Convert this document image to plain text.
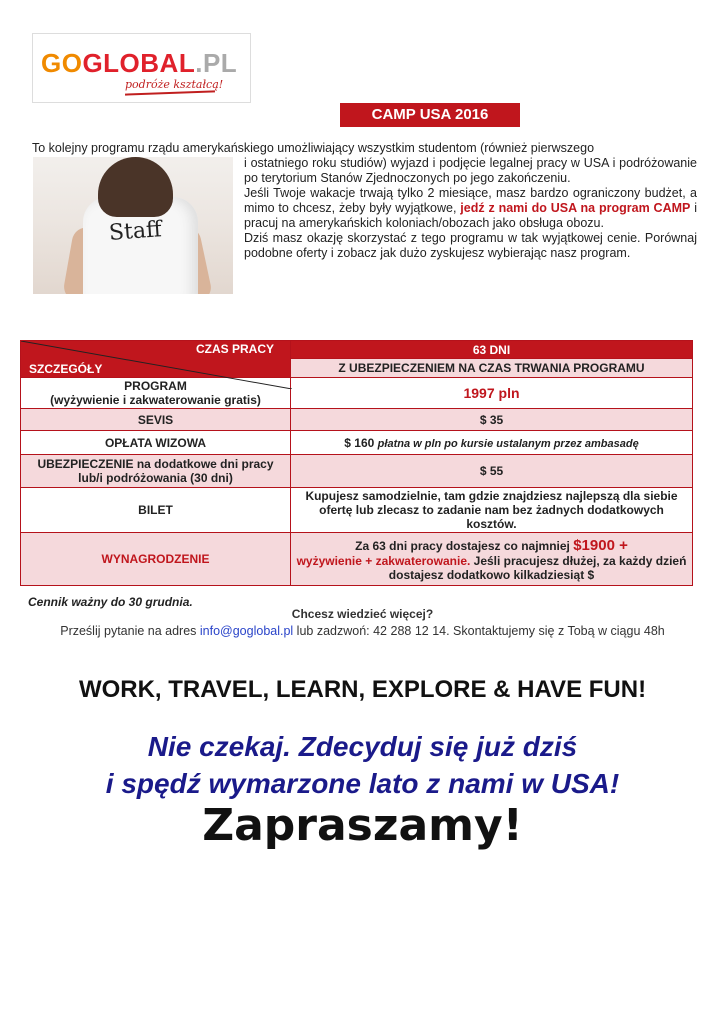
GOGLOBAL.PL
podróże kształcą!
CAMP USA 2016
To kolejny programu rządu amerykańskiego umożliwiający wszystkim studentom (również pierwszego
Staff
i ostatniego roku studiów) wyjazd i podjęcie legalnej pracy w USA i podróżowanie po terytorium Stanów Zjednoczonych po jego zakończeniu.
Jeśli Twoje wakacje trwają tylko 2 miesiące, masz bardzo ograniczony budżet, a mimo to chcesz, żeby były wyjątkowe, jedź z nami do USA na program CAMP i pracuj na amerykańskich koloniach/obozach jako obsługa obozu.
Dziś masz okazję skorzystać z tego programu w tak wyjątkowej cenie. Porównaj podobne oferty i zobacz jak dużo zyskujesz wybierając nasz program.
CZAS PRACY
SZCZEGÓŁY	63 DNI
	Z UBEZPIECZENIEM NA CZAS TRWANIA PROGRAMU

PROGRAM
(wyżywienie i zakwaterowanie gratis)	1997 pln
SEVIS	$ 35
OPŁATA WIZOWA	$ 160 płatna w pln po kursie ustalanym przez ambasadę
UBEZPIECZENIE na dodatkowe dni pracy lub/i podróżowania (30 dni)	$ 55
BILET	Kupujesz samodzielnie, tam gdzie znajdziesz najlepszą dla siebie ofertę lub zlecasz to zadanie nam bez żadnych dodatkowych kosztów.
WYNAGRODZENIE	Za 63 dni pracy dostajesz co najmniej $1900 +
wyżywienie + zakwaterowanie. Jeśli pracujesz dłużej, za każdy dzień dostajesz dodatkowo kilkadziesiąt $
Cennik ważny do 30 grudnia.
Chcesz wiedzieć więcej?
Prześlij pytanie na adres info@goglobal.pl lub zadzwoń: 42 288 12 14. Skontaktujemy się z Tobą w ciągu 48h
WORK, TRAVEL, LEARN, EXPLORE & HAVE FUN!
Nie czekaj. Zdecyduj się już dziś
i spędź wymarzone lato z nami w USA!
Zapraszamy!
